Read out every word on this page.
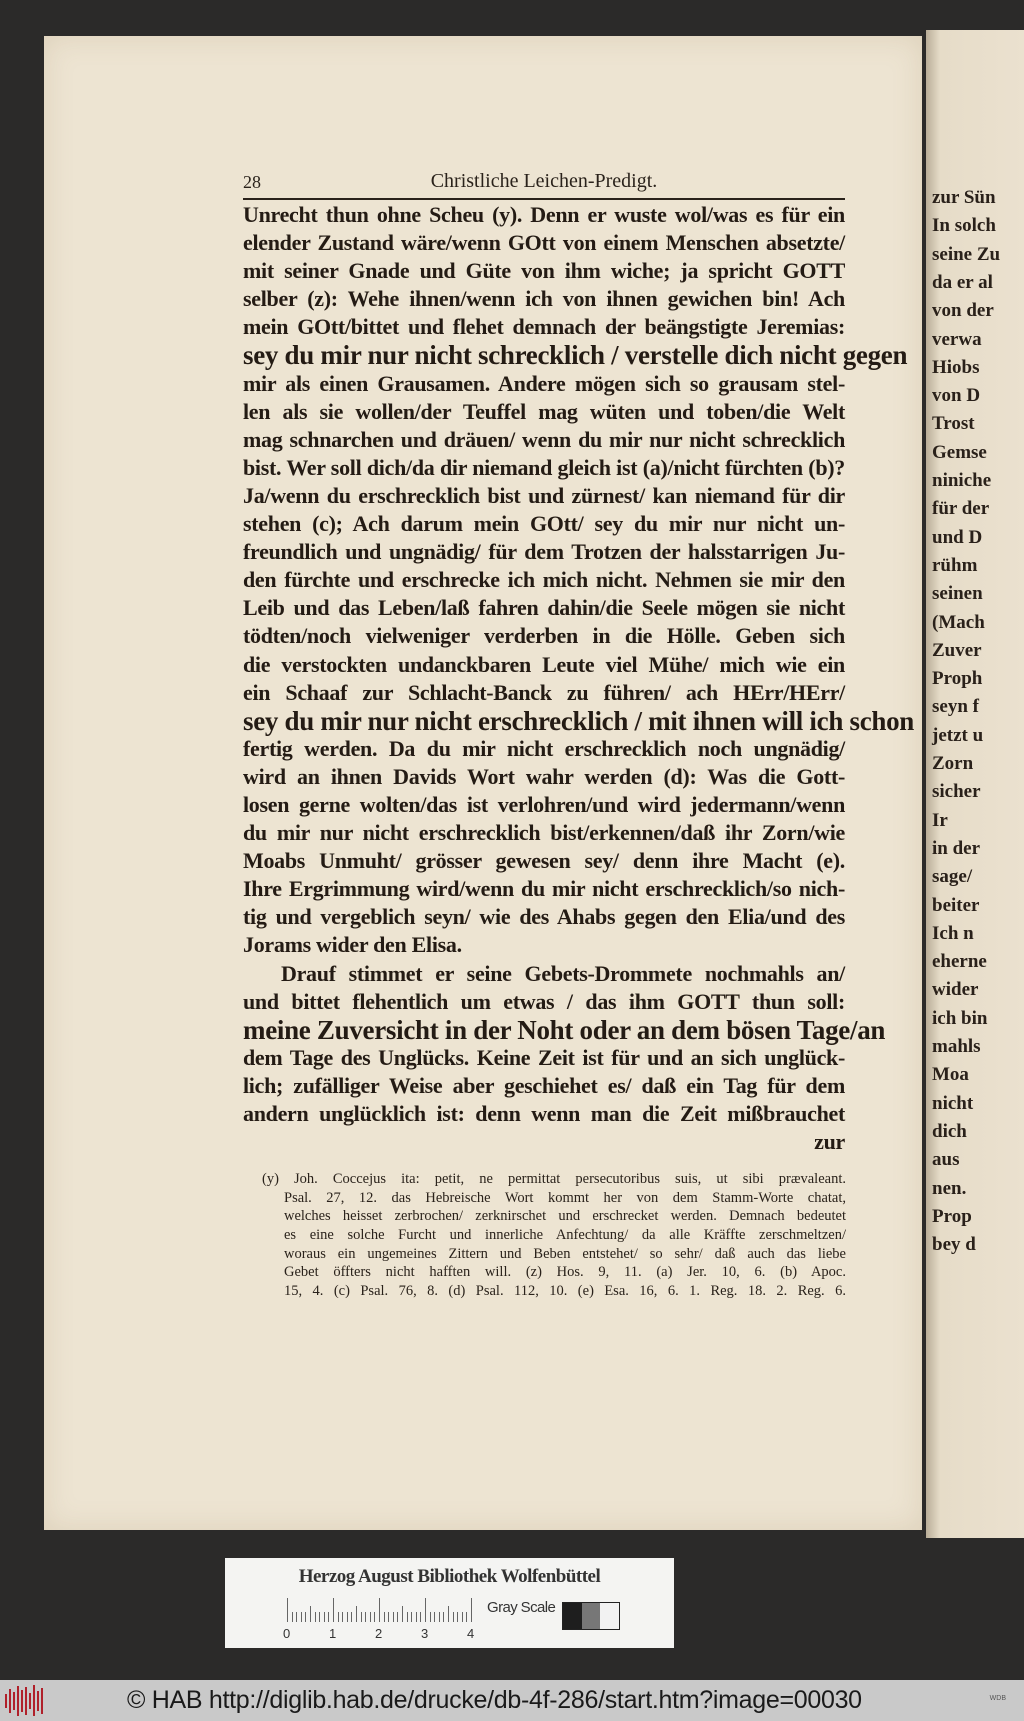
zur Sün
In solch
seine Zu
da er al
von der
verwa
Hiobs
von D
Trost
Gemse
niniche
für der
und D
rühm
seinen
(Mach
Zuver
Proph
seyn f
jetzt u
Zorn
sicher
Ir
in der
sage/
beiter
Ich n
eherne
wider
ich bin
mahls
Moa
nicht
dich
aus
nen.
Prop
bey d
28	Christliche Leichen-Predigt.
Unrecht thun ohne Scheu (y). Denn er wuste wol/was es für ein
elender Zustand wäre/wenn GOtt von einem Menschen absetzte/
mit seiner Gnade und Güte von ihm wiche; ja spricht GOTT
selber (z): Wehe ihnen/wenn ich von ihnen gewichen bin! Ach
mein GOtt/bittet und flehet demnach der beängstigte Jeremias:
sey du mir nur nicht schrecklich / verstelle dich nicht gegen
mir als einen Grausamen. Andere mögen sich so grausam stel-
len als sie wollen/der Teuffel mag wüten und toben/die Welt
mag schnarchen und dräuen/ wenn du mir nur nicht schrecklich
bist. Wer soll dich/da dir niemand gleich ist (a)/nicht fürchten (b)?
Ja/wenn du erschrecklich bist und zürnest/ kan niemand für dir
stehen (c); Ach darum mein GOtt/ sey du mir nur nicht un-
freundlich und ungnädig/ für dem Trotzen der halsstarrigen Ju-
den fürchte und erschrecke ich mich nicht. Nehmen sie mir den
Leib und das Leben/laß fahren dahin/die Seele mögen sie nicht
tödten/noch vielweniger verderben in die Hölle. Geben sich
die verstockten undanckbaren Leute viel Mühe/ mich wie ein
ein Schaaf zur Schlacht-Banck zu führen/ ach HErr/HErr/
sey du mir nur nicht erschrecklich / mit ihnen will ich schon
fertig werden. Da du mir nicht erschrecklich noch ungnädig/
wird an ihnen Davids Wort wahr werden (d): Was die Gott-
losen gerne wolten/das ist verlohren/und wird jedermann/wenn
du mir nur nicht erschrecklich bist/erkennen/daß ihr Zorn/wie
Moabs Unmuht/ grösser gewesen sey/ denn ihre Macht (e).
Ihre Ergrimmung wird/wenn du mir nicht erschrecklich/so nich-
tig und vergeblich seyn/ wie des Ahabs gegen den Elia/und des
Jorams wider den Elisa.
Drauf stimmet er seine Gebets-Drommete nochmahls an/
und bittet flehentlich um etwas / das ihm GOTT thun soll:
meine Zuversicht in der Noht oder an dem bösen Tage/an
dem Tage des Unglücks. Keine Zeit ist für und an sich unglück-
lich; zufälliger Weise aber geschiehet es/ daß ein Tag für dem
andern unglücklich ist: denn wenn man die Zeit mißbrauchet
zur
(y) Joh. Coccejus ita: petit, ne permittat persecutoribus suis, ut sibi prævaleant.
Psal. 27, 12. das Hebreische Wort kommt her von dem Stamm-Worte chatat,
welches heisset zerbrochen/ zerknirschet und erschrecket werden. Demnach bedeutet
es eine solche Furcht und innerliche Anfechtung/ da alle Kräffte zerschmeltzen/
woraus ein ungemeines Zittern und Beben entstehet/ so sehr/ daß auch das liebe
Gebet öffters nicht hafften will. (z) Hos. 9, 11. (a) Jer. 10, 6. (b) Apoc.
15, 4. (c) Psal. 76, 8. (d) Psal. 112, 10. (e) Esa. 16, 6. 1. Reg. 18. 2. Reg. 6.
Herzog August Bibliothek Wolfenbüttel
Gray Scale
0	1	2	3	4
© HAB http://diglib.hab.de/drucke/db-4f-286/start.htm?image=00030	WDB
